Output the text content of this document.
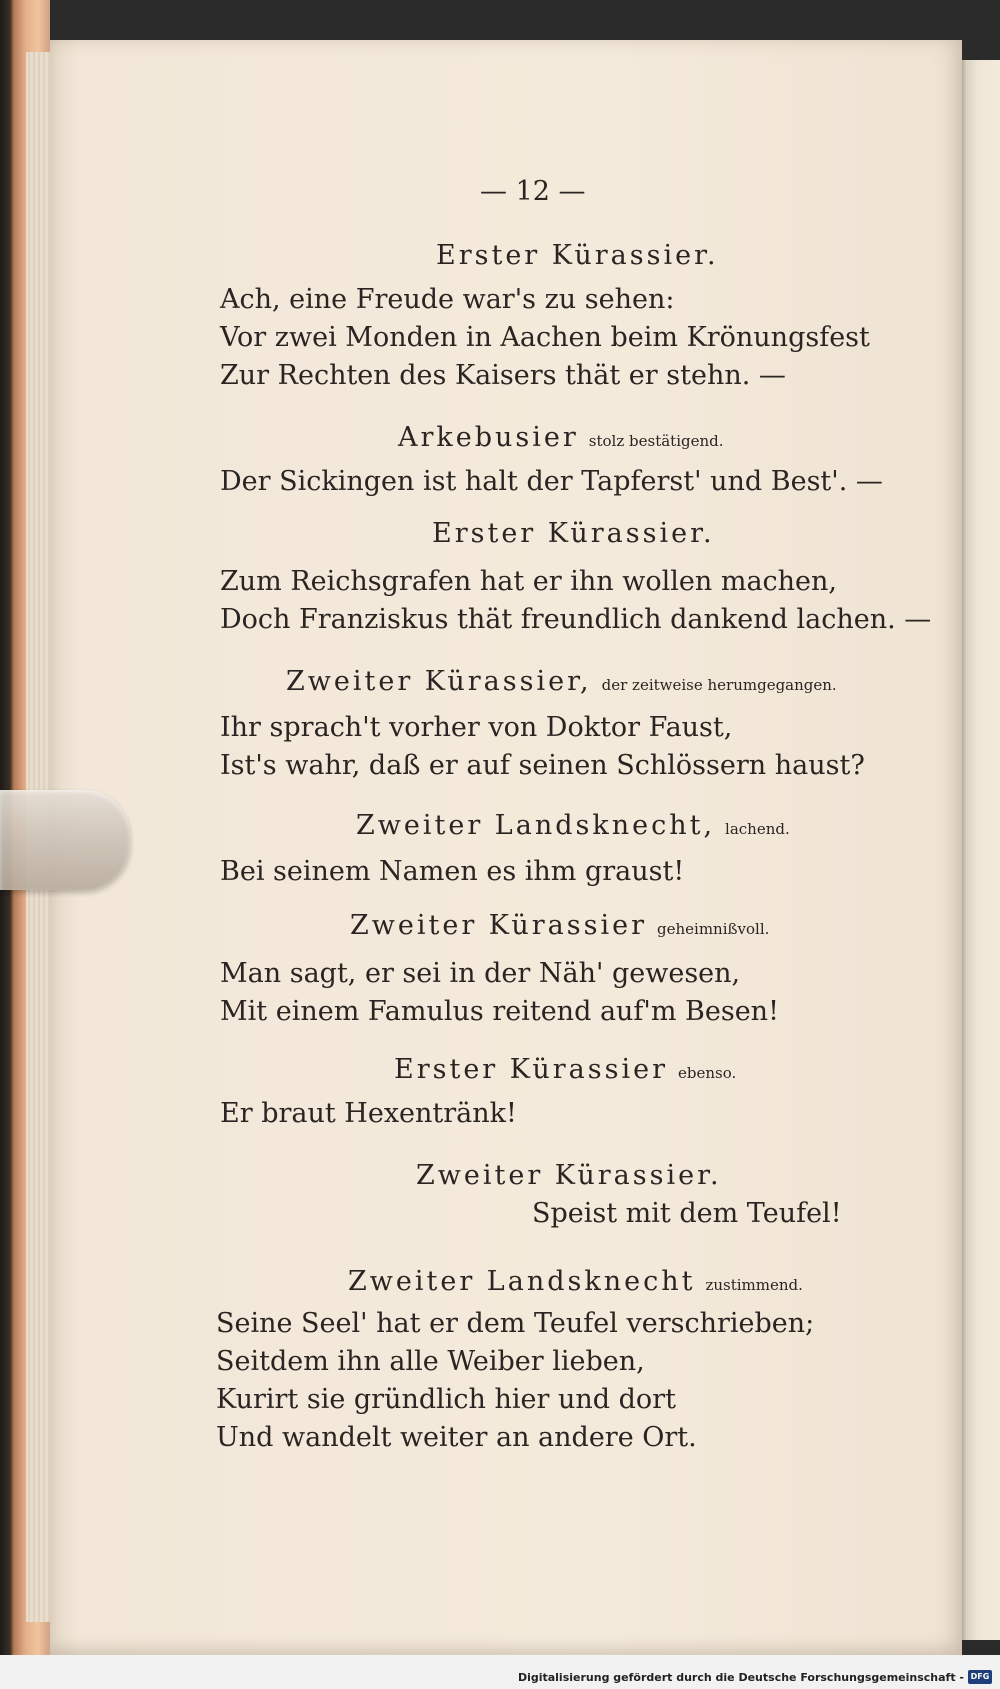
— 12 —
Erster Kürassier.
Ach, eine Freude war's zu sehen:
Vor zwei Monden in Aachen beim Krönungsfest
Zur Rechten des Kaisers thät er stehn. —
Arkebusier stolz bestätigend.
Der Sickingen ist halt der Tapferst' und Best'. —
Erster Kürassier.
Zum Reichsgrafen hat er ihn wollen machen,
Doch Franziskus thät freundlich dankend lachen. —
Zweiter Kürassier, der zeitweise herumgegangen.
Ihr sprach't vorher von Doktor Faust,
Ist's wahr, daß er auf seinen Schlössern haust?
Zweiter Landsknecht, lachend.
Bei seinem Namen es ihm graust!
Zweiter Kürassier geheimnißvoll.
Man sagt, er sei in der Näh' gewesen,
Mit einem Famulus reitend auf'm Besen!
Erster Kürassier ebenso.
Er braut Hexentränk!
Zweiter Kürassier.
Speist mit dem Teufel!
Zweiter Landsknecht zustimmend.
Seine Seel' hat er dem Teufel verschrieben;
Seitdem ihn alle Weiber lieben,
Kurirt sie gründlich hier und dort
Und wandelt weiter an andere Ort.
Digitalisierung gefördert durch die Deutsche Forschungsgemeinschaft - DFG
